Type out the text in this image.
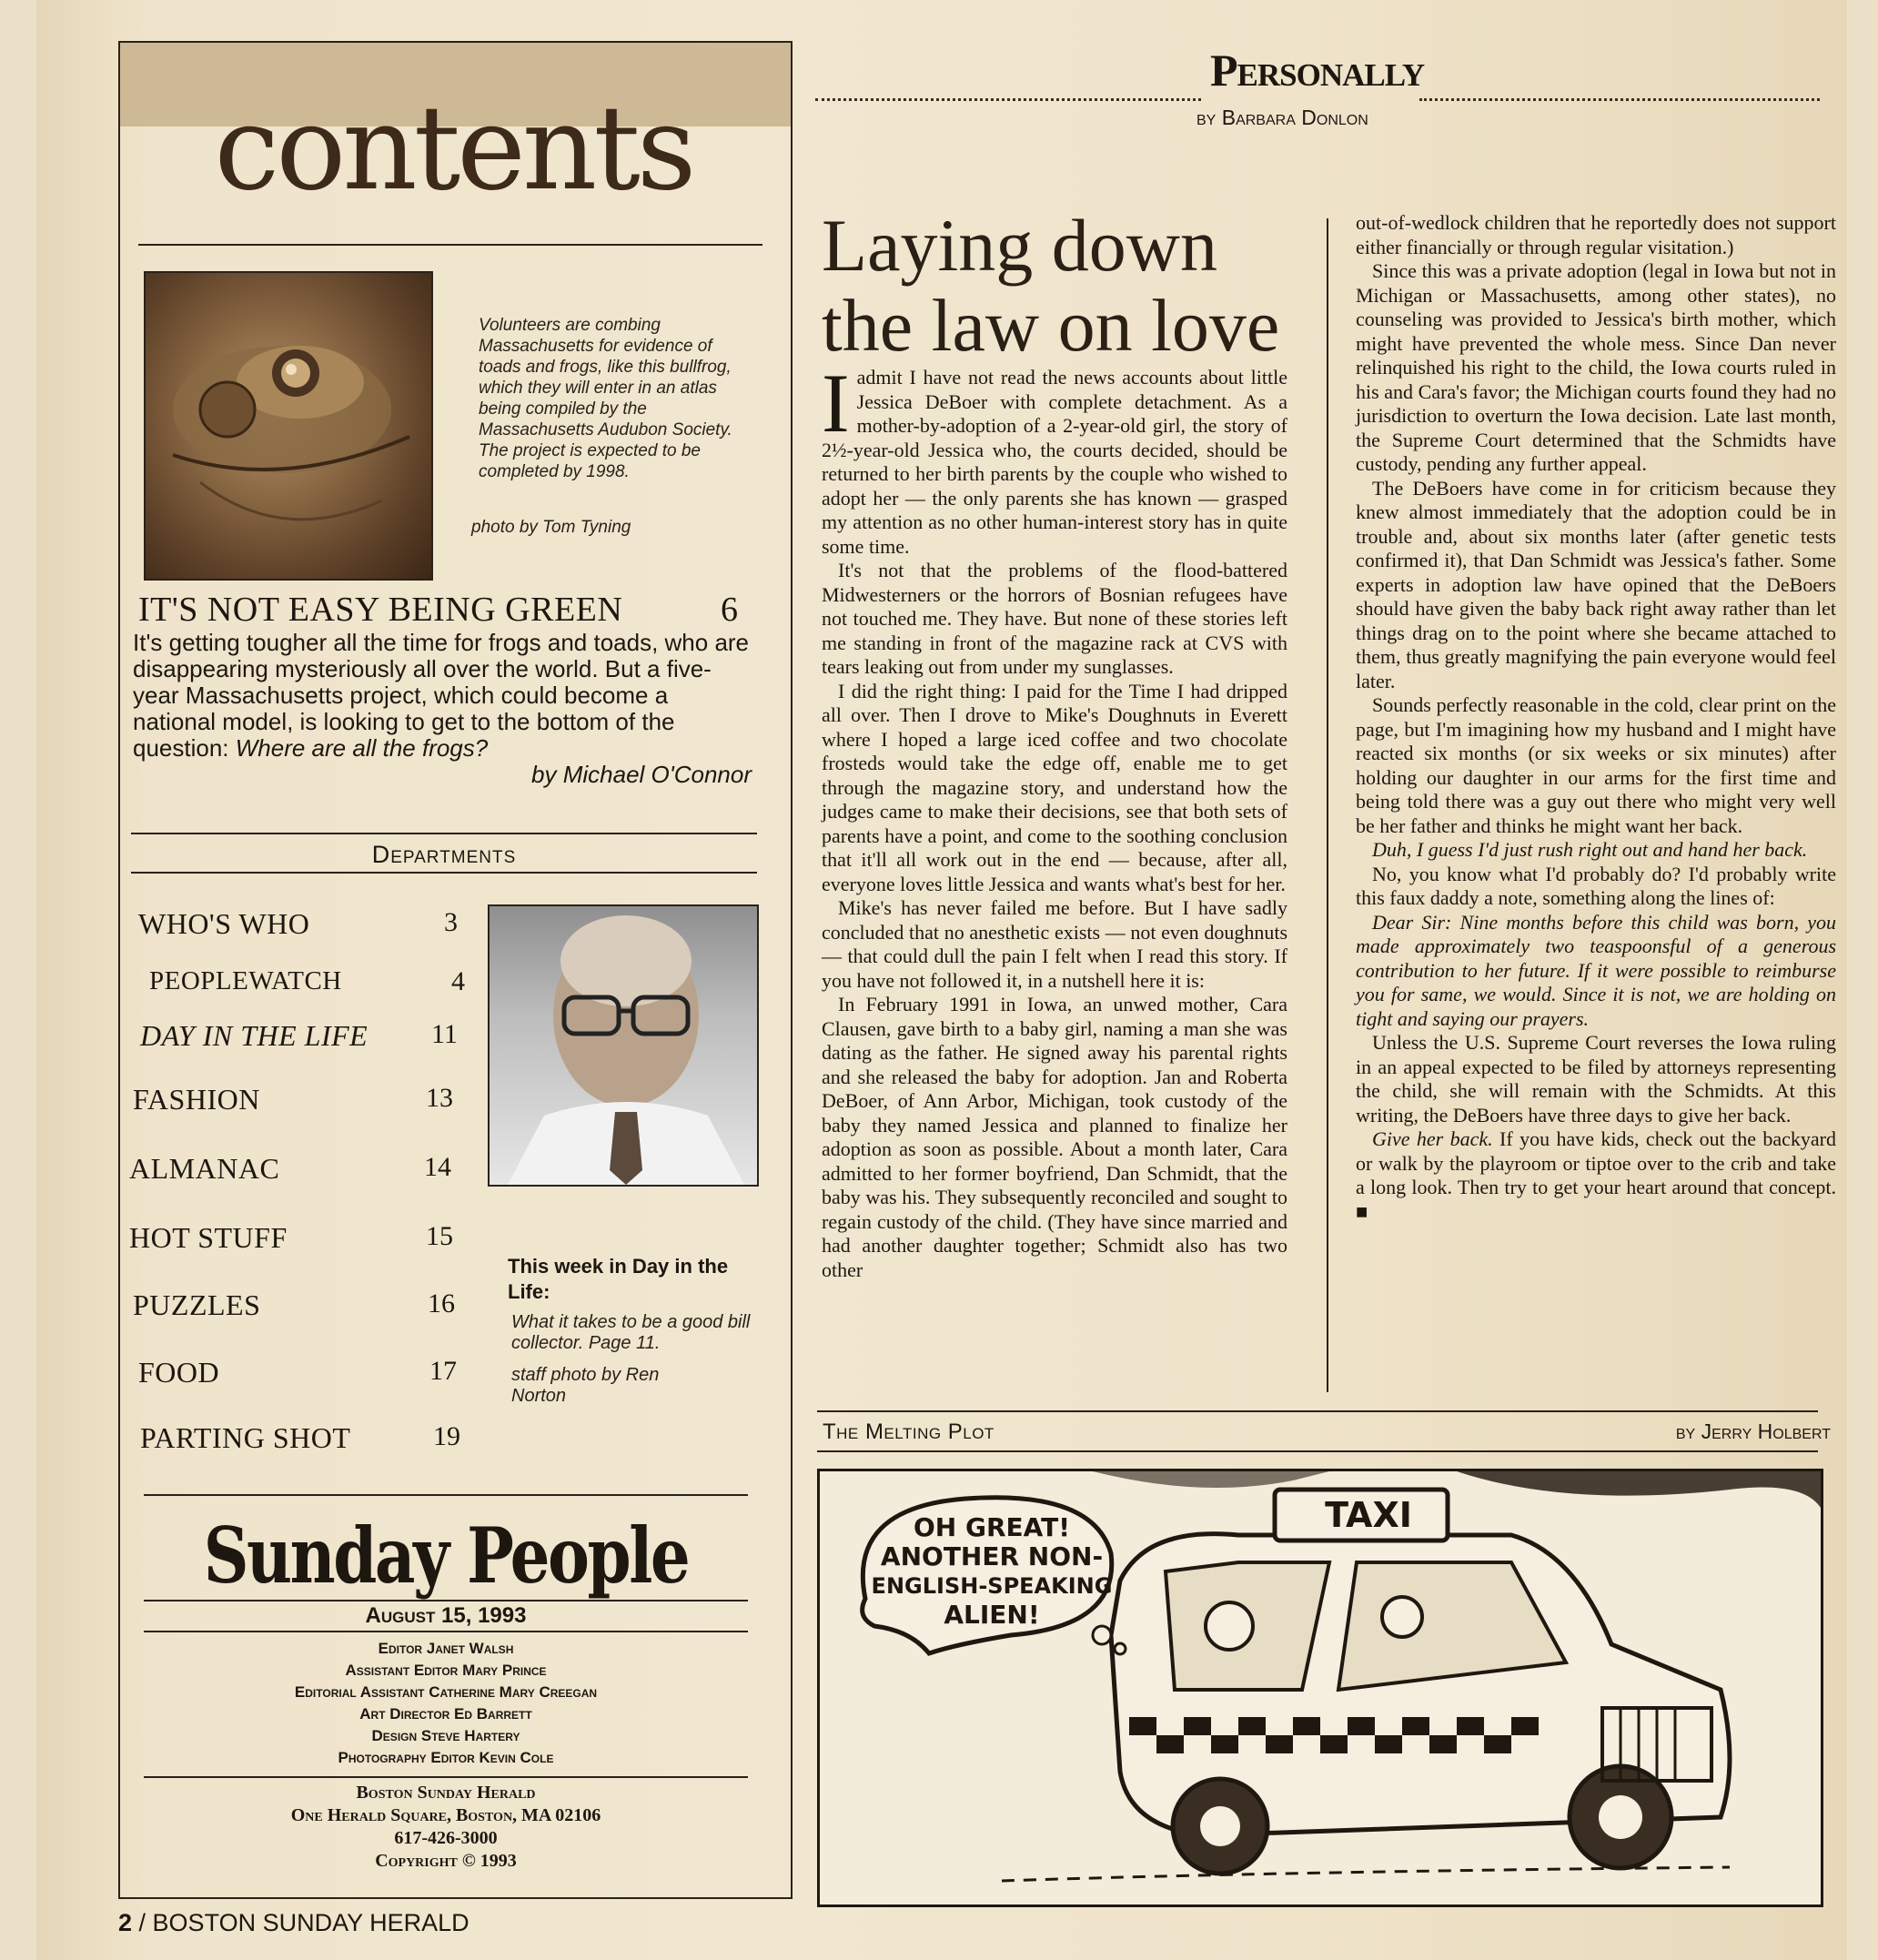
contents
Volunteers are combing Massachusetts for evidence of toads and frogs, like this bullfrog, which they will enter in an atlas being compiled by the Massachusetts Audubon Society. The project is expected to be completed by 1998.
photo by Tom Tyning
IT'S NOT EASY BEING GREEN	6
It's getting tougher all the time for frogs and toads, who are disappearing mysteriously all over the world. But a five-year Massachusetts project, which could become a national model, is looking to get to the bottom of the question: Where are all the frogs?
by Michael O'Connor
Departments
WHO'S WHO	3
PEOPLEWATCH	4
DAY IN THE LIFE 11
FASHION	13
ALMANAC	14
HOT STUFF	15
PUZZLES	16
FOOD	17
PARTING SHOT	19
This week in Day in the Life:
What it takes to be a good bill collector. Page 11.
staff photo by Ren Norton
Sunday People
August 15, 1993
Editor Janet Walsh
Assistant Editor Mary Prince
Editorial Assistant Catherine Mary Creegan
Art Director Ed Barrett
Design Steve Hartery
Photography Editor Kevin Cole
Boston Sunday Herald
One Herald Square, Boston, MA 02106
617-426-3000
Copyright © 1993
2 / BOSTON SUNDAY HERALD
Personally
by Barbara Donlon
Laying down the law on love

Iadmit I have not read the news accounts about little Jessica DeBoer with complete detachment. As a mother-by-adoption of a 2-year-old girl, the story of 2½-year-old Jessica who, the courts decided, should be returned to her birth parents by the couple who wished to adopt her — the only parents she has known — grasped my attention as no other human-interest story has in quite some time.

It's not that the problems of the flood-battered Midwesterners or the horrors of Bosnian refugees have not touched me. They have. But none of these stories left me standing in front of the magazine rack at CVS with tears leaking out from under my sunglasses.

I did the right thing: I paid for the Time I had dripped all over. Then I drove to Mike's Doughnuts in Everett where I hoped a large iced coffee and two chocolate frosteds would take the edge off, enable me to get through the magazine story, and understand how the judges came to make their decisions, see that both sets of parents have a point, and come to the soothing conclusion that it'll all work out in the end — because, after all, everyone loves little Jessica and wants what's best for her.

Mike's has never failed me before. But I have sadly concluded that no anesthetic exists — not even doughnuts — that could dull the pain I felt when I read this story. If you have not followed it, in a nutshell here it is:

In February 1991 in Iowa, an unwed mother, Cara Clausen, gave birth to a baby girl, naming a man she was dating as the father. He signed away his parental rights and she released the baby for adoption. Jan and Roberta DeBoer, of Ann Arbor, Michigan, took custody of the baby they named Jessica and planned to finalize her adoption as soon as possible. About a month later, Cara admitted to her former boyfriend, Dan Schmidt, that the baby was his. They subsequently reconciled and sought to regain custody of the child. (They have since married and had another daughter together; Schmidt also has two other

out-of-wedlock children that he reportedly does not support either financially or through regular visitation.)

Since this was a private adoption (legal in Iowa but not in Michigan or Massachusetts, among other states), no counseling was provided to Jessica's birth mother, which might have prevented the whole mess. Since Dan never relinquished his right to the child, the Iowa courts ruled in his and Cara's favor; the Michigan courts found they had no jurisdiction to overturn the Iowa decision. Late last month, the Supreme Court determined that the Schmidts have custody, pending any further appeal.

The DeBoers have come in for criticism because they knew almost immediately that the adoption could be in trouble and, about six months later (after genetic tests confirmed it), that Dan Schmidt was Jessica's father. Some experts in adoption law have opined that the DeBoers should have given the baby back right away rather than let things drag on to the point where she became attached to them, thus greatly magnifying the pain everyone would feel later.

Sounds perfectly reasonable in the cold, clear print on the page, but I'm imagining how my husband and I might have reacted six months (or six weeks or six minutes) after holding our daughter in our arms for the first time and being told there was a guy out there who might very well be her father and thinks he might want her back.

Duh, I guess I'd just rush right out and hand her back.

No, you know what I'd probably do? I'd probably write this faux daddy a note, something along the lines of:

Dear Sir: Nine months before this child was born, you made approximately two teaspoonsful of a generous contribution to her future. If it were possible to reimburse you for same, we would. Since it is not, we are holding on tight and saying our prayers.

Unless the U.S. Supreme Court reverses the Iowa ruling in an appeal expected to be filed by attorneys representing the child, she will remain with the Schmidts. At this writing, the DeBoers have three days to give her back.

Give her back. If you have kids, check out the backyard or walk by the playroom or tiptoe over to the crib and take a long look. Then try to get your heart around that concept. ■

The Melting Plot	by Jerry Holbert
TAXI
OH GREAT!
ANOTHER NON-
ENGLISH-SPEAKING
ALIEN!
